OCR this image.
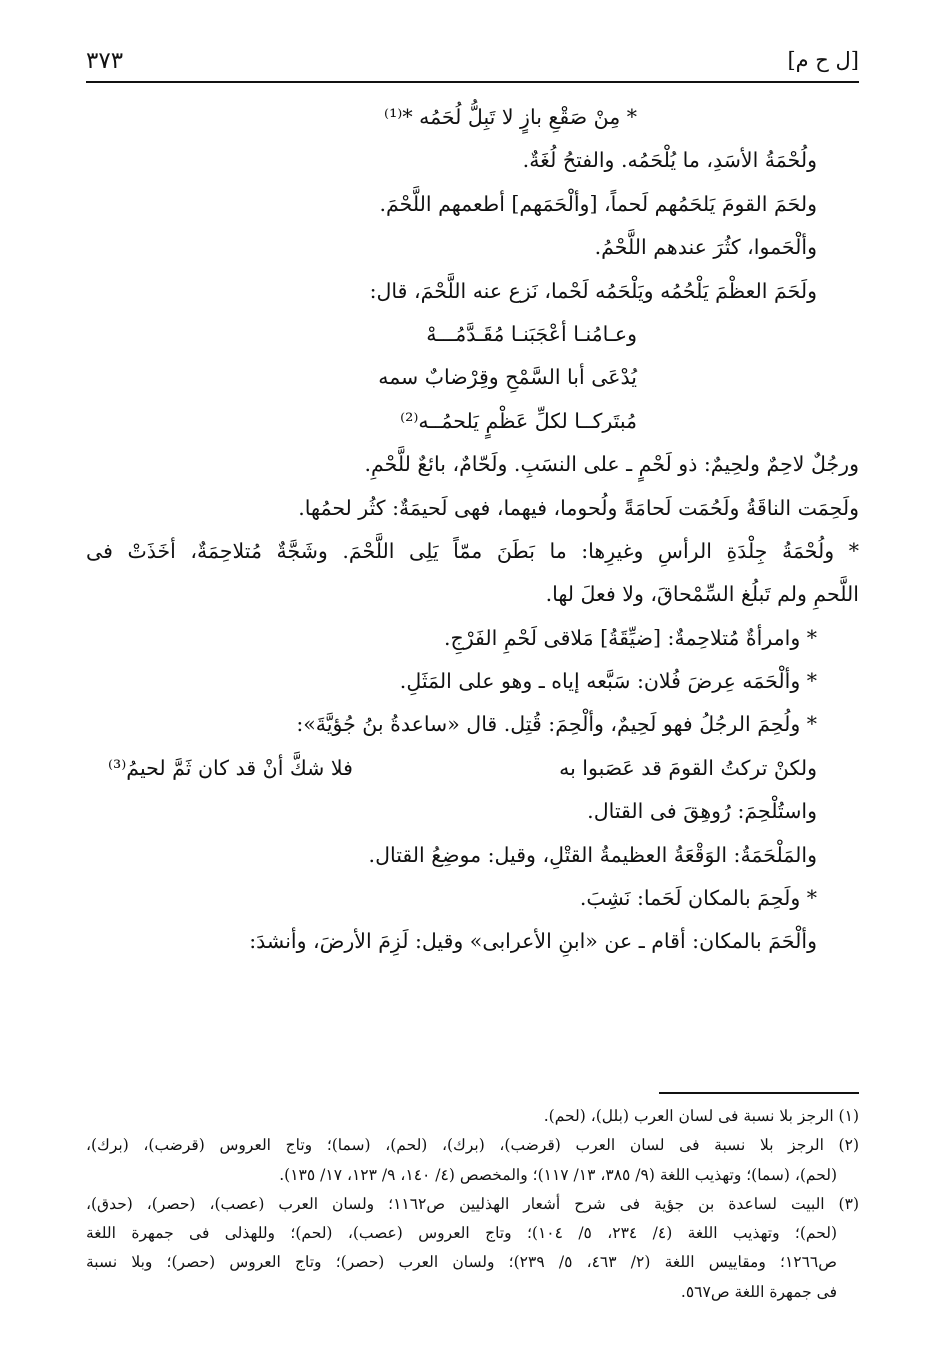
[ل ح م]
٣٧٣
* مِنْ صَقْعِ بازٍ لا تَبِلُّ لُحَمُه *⁽¹⁾
ولُحْمَةُ الأسَدِ، ما يُلْحَمُه. والفتحُ لُغَةٌ.
ولحَمَ القومَ يَلحَمُهم لَحماً، [وألْحَمَهم] أطعمهم اللَّحْمَ.
وألْحَموا، كثُرَ عندهم اللَّحْمُ.
ولَحَمَ العظْمَ يَلْحُمُه ويَلْحَمُه لَحْما، نَزع عنه اللَّحْمَ، قال:
وعـامُنـا أعْجَبَنـا مُقَـدَّمُـــهْ
يُدْعَى أبا السَّمْحِ وقِرْضابٌ سمه
مُبتَركــا لكلِّ عَظْمٍ يَلحمُــه⁽²⁾
ورجُلٌ لاحِمٌ ولحِيمٌ: ذو لَحْمٍ ـ على النسَبِ. ولَحّامٌ، بائعٌ للَّحْمِ.
ولَحِمَت الناقَةُ ولَحُمَت لَحامَةً ولُحوما، فيهما، فهى لَحيمَةٌ: كثُر لحمُها.
* ولُحْمَةُ جِلْدَةِ الرأسِ وغيرِها: ما بَطَنَ ممّاً يَلِى اللَّحْمَ. وشَجَّةٌ مُتلاحِمَةٌ، أخَذَتْ فى
اللَّحمِ ولم تَبلُغ السِّمْحاقَ، ولا فعلَ لها.
* وامرأةٌ مُتلاحِمةٌ: [ضيِّقَةُ] مَلاقى لَحْمِ الفَرْجِ.
* وألْحَمَه عِرضَ فُلان: سَبَّعه إياه ـ وهو على المَثَلِ.
* ولُحِمَ الرجُلُ فهو لَحِيمٌ، وألْحِمَ: قُتِل. قال «ساعدةُ بنُ جُؤيَّةَ»:
ولكنْ تركتُ القومَ قد عَصَبوا به
فلا شكَّ أنْ قد كان ثَمَّ لحيمُ⁽³⁾
واستُلْحِمَ: رُوهِقَ فى القتال.
والمَلْحَمَةُ: الوَقْعَةُ العظيمةُ القتْلِ، وقيل: موضِعُ القتال.
* ولَحِمَ بالمكان لَحَما: نَشِبَ.
وألْحَمَ بالمكان: أقام ـ عن «ابنِ الأعرابى» وقيل: لَزِمَ الأرضَ، وأنشدَ:
(١) الرجز بلا نسبة فى لسان العرب (بلل)، (لحم).
(٢) الرجز بلا نسبة فى لسان العرب (قرضب)، (برك)، (لحم)، (سما)؛ وتاج العروس (قرضب)، (برك)،
(لحم)، (سما)؛ وتهذيب اللغة (٩/ ٣٨٥، ١٣/ ١١٧)؛ والمخصص (٤/ ١٤٠، ٩/ ١٢٣، ١٧/ ١٣٥).
(٣) البيت لساعدة بن جؤية فى شرح أشعار الهذليين ص١١٦٢؛ ولسان العرب (عصب)، (حصر)، (حدق)،
(لحم)؛ وتهذيب اللغة (٤/ ٢٣٤، ٥/ ١٠٤)؛ وتاج العروس (عصب)، (لحم)؛ وللهذلى فى جمهرة اللغة
ص١٢٦٦؛ ومقاييس اللغة (٢/ ٤٦٣، ٥/ ٢٣٩)؛ ولسان العرب (حصر)؛ وتاج العروس (حصر)؛ وبلا نسبة
فى جمهرة اللغة ص٥٦٧.
